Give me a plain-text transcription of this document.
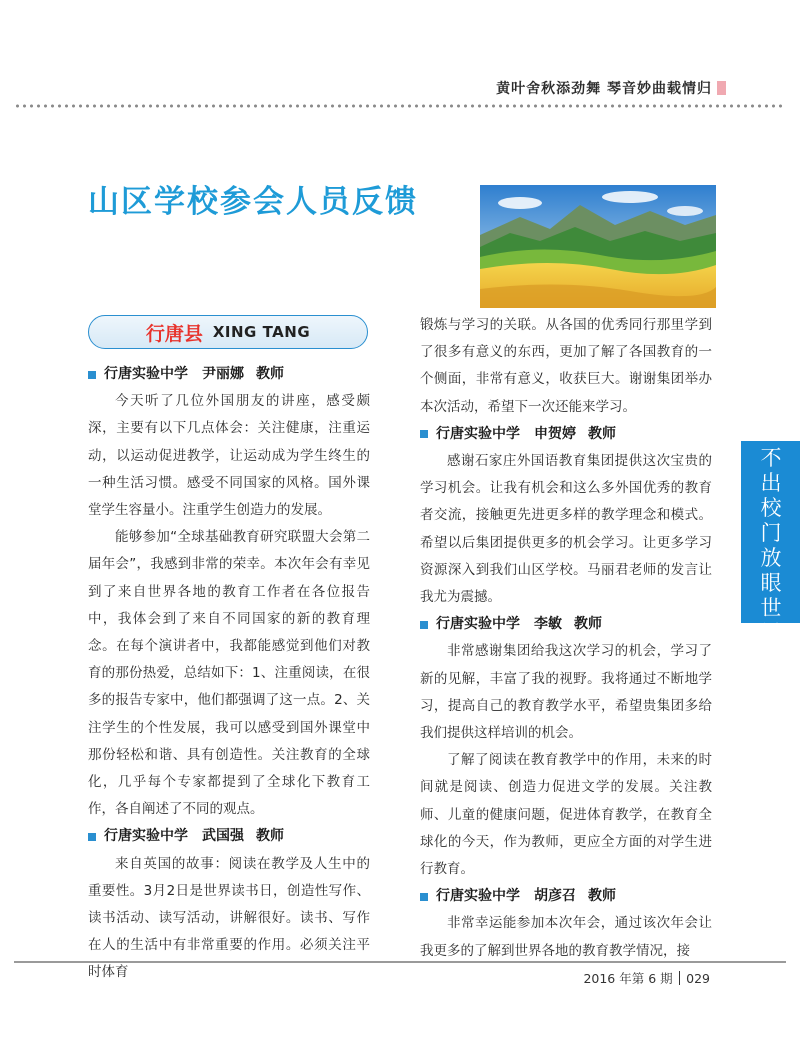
黄叶舍秋添劲舞 琴音妙曲载情归
山区学校参会人员反馈
行唐县 XING TANG
行唐实验中学 尹丽娜 教师

今天听了几位外国朋友的讲座，感受颇深，主要有以下几点体会：关注健康，注重运动，以运动促进教学，让运动成为学生终生的一种生活习惯。感受不同国家的风格。国外课堂学生容量小。注重学生创造力的发展。

能够参加“全球基础教育研究联盟大会第二届年会”，我感到非常的荣幸。本次年会有幸见到了来自世界各地的教育工作者在各位报告中，我体会到了来自不同国家的新的教育理念。在每个演讲者中，我都能感觉到他们对教育的那份热爱，总结如下：1、注重阅读，在很多的报告专家中，他们都强调了这一点。2、关注学生的个性发展，我可以感受到国外课堂中那份轻松和谐、具有创造性。关注教育的全球化，几乎每个专家都提到了全球化下教育工作，各自阐述了不同的观点。

行唐实验中学 武国强 教师

来自英国的故事：阅读在教学及人生中的重要性。3月2日是世界读书日，创造性写作、读书活动、读写活动，讲解很好。读书、写作在人的生活中有非常重要的作用。必须关注平时体育

锻炼与学习的关联。从各国的优秀同行那里学到了很多有意义的东西，更加了解了各国教育的一个侧面，非常有意义，收获巨大。谢谢集团举办本次活动，希望下一次还能来学习。

行唐实验中学 申贺婷 教师

感谢石家庄外国语教育集团提供这次宝贵的学习机会。让我有机会和这么多外国优秀的教育者交流，接触更先进更多样的教学理念和模式。希望以后集团提供更多的机会学习。让更多学习资源深入到我们山区学校。马丽君老师的发言让我尤为震撼。

行唐实验中学 李敏 教师

非常感谢集团给我这次学习的机会，学习了新的见解，丰富了我的视野。我将通过不断地学习，提高自己的教育教学水平，希望贵集团多给我们提供这样培训的机会。

了解了阅读在教育教学中的作用，未来的时间就是阅读、创造力促进文学的发展。关注教师、儿童的健康问题，促进体育教学，在教育全球化的今天，作为教师，更应全方面的对学生进行教育。

行唐实验中学 胡彦召 教师

非常幸运能参加本次年会，通过该次年会让我更多的了解到世界各地的教育教学情况，接

不出校门放眼世界工程
2016 年第 6 期 029
